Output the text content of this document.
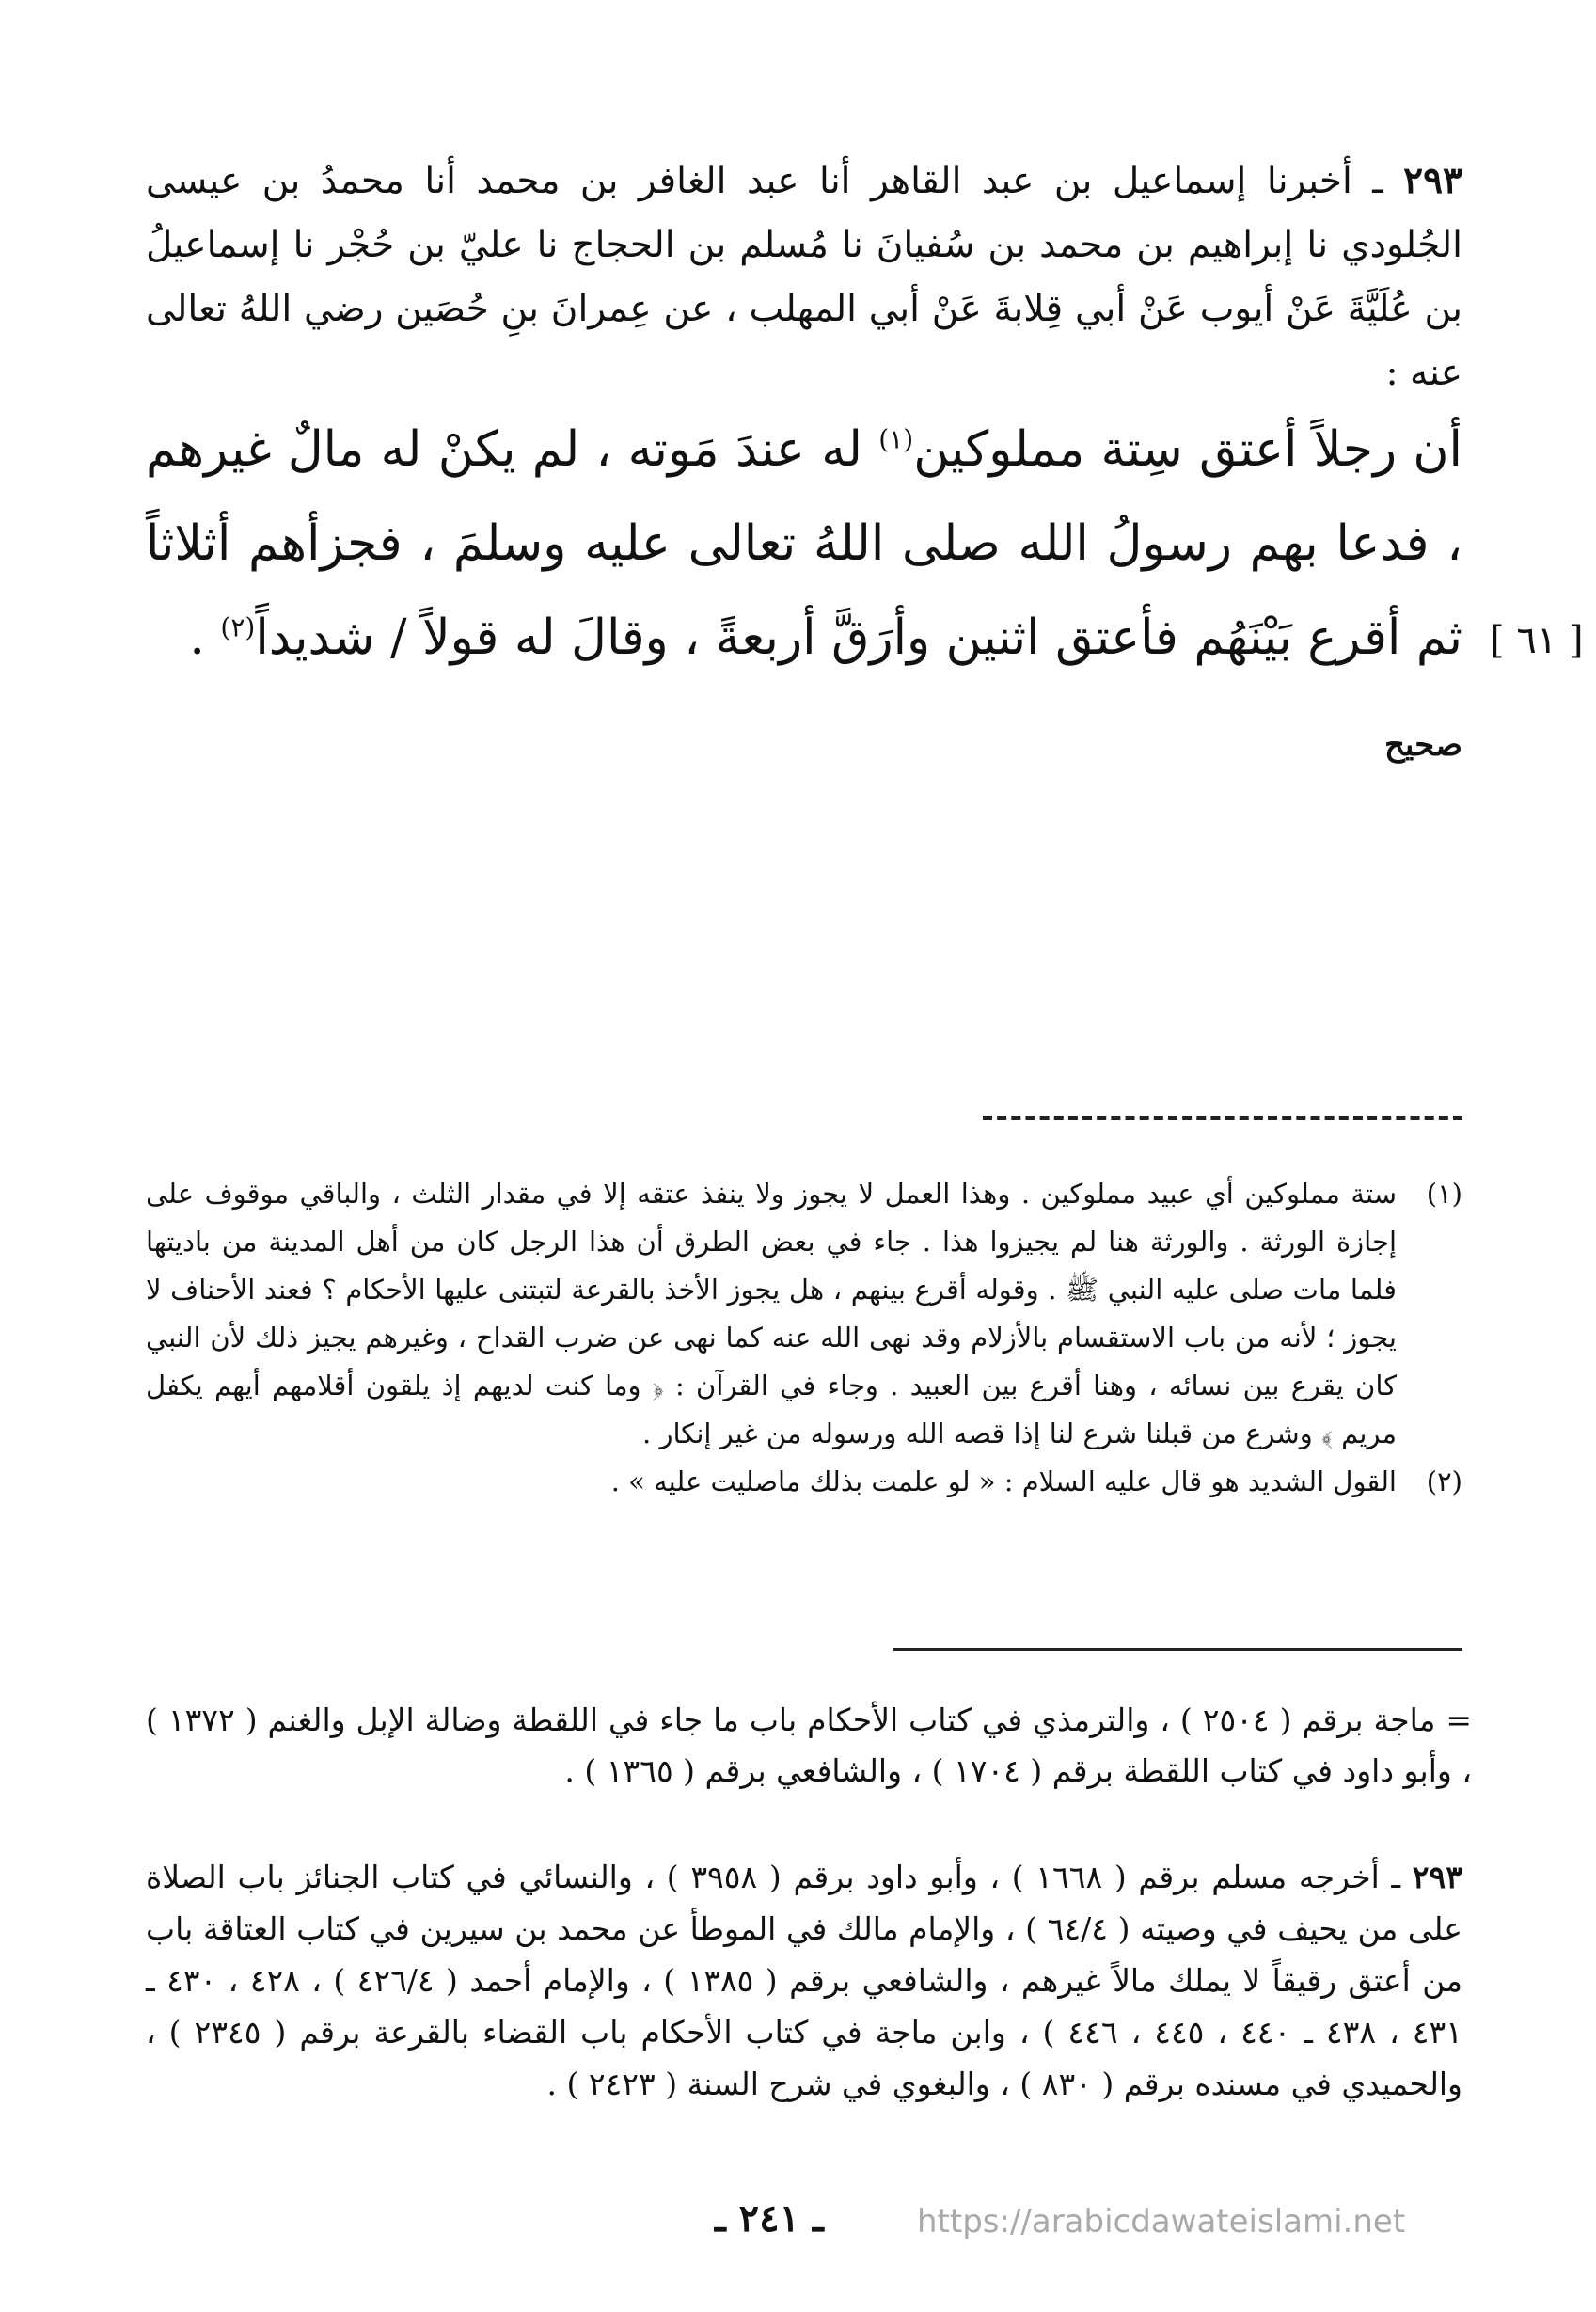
٢٩٣ ـ أخبرنا إسماعيل بن عبد القاهر أنا عبد الغافر بن محمد أنا محمدُ بن عيسى الجُلودي نا إبراهيم بن محمد بن سُفيانَ نا مُسلم بن الحجاج نا عليّ بن حُجْر نا إسماعيلُ بن عُلَيَّةَ عَنْ أيوب عَنْ أبي قِلابةَ عَنْ أبي المهلب ، عن عِمرانَ بنِ حُصَين رضي اللهُ تعالى عنه :

أن رجلاً أعتق سِتة مملوكين$^{(١)}$ له عندَ مَوته ، لم يكنْ له مالٌ غيرهم ، فدعا بهم رسولُ الله صلى اللهُ تعالى عليه وسلمَ ، فجزأهم أثلاثاً ثم أقرع بَيْنَهُم فأعتق اثنين وأرَقَّ أربعةً ، وقالَ له قولاً / شديداً$^{(٢)}$ .	[ ٦١ ]
صحيح
(١)
ستة مملوكين أي عبيد مملوكين . وهذا العمل لا يجوز ولا ينفذ عتقه إلا في مقدار الثلث ، والباقي موقوف على إجازة الورثة . والورثة هنا لم يجيزوا هذا . جاء في بعض الطرق أن هذا الرجل كان من أهل المدينة من باديتها فلما مات صلى عليه النبي ﷺ . وقوله أقرع بينهم ، هل يجوز الأخذ بالقرعة لتبتنى عليها الأحكام ؟ فعند الأحناف لا يجوز ؛ لأنه من باب الاستقسام بالأزلام وقد نهى الله عنه كما نهى عن ضرب القداح ، وغيرهم يجيز ذلك لأن النبي كان يقرع بين نسائه ، وهنا أقرع بين العبيد . وجاء في القرآن : ﴿ وما كنت لديهم إذ يلقون أقلامهم أيهم يكفل مريم ﴾ وشرع من قبلنا شرع لنا إذا قصه الله ورسوله من غير إنكار .
(٢)
القول الشديد هو قال عليه السلام : « لو علمت بذلك ماصليت عليه » .
= ماجة برقم ( ٢٥٠٤ ) ، والترمذي في كتاب الأحكام باب ما جاء في اللقطة وضالة الإبل والغنم ( ١٣٧٢ ) ، وأبو داود في كتاب اللقطة برقم ( ١٧٠٤ ) ، والشافعي برقم ( ١٣٦٥ ) .
٢٩٣ ـ أخرجه مسلم برقم ( ١٦٦٨ ) ، وأبو داود برقم ( ٣٩٥٨ ) ، والنسائي في كتاب الجنائز باب الصلاة على من يحيف في وصيته ( ٦٤/٤ ) ، والإمام مالك في الموطأ عن محمد بن سيرين في كتاب العتاقة باب من أعتق رقيقاً لا يملك مالاً غيرهم ، والشافعي برقم ( ١٣٨٥ ) ، والإمام أحمد ( ٤٢٦/٤ ) ، ٤٢٨ ، ٤٣٠ ـ ٤٣١ ، ٤٣٨ ـ ٤٤٠ ، ٤٤٥ ، ٤٤٦ ) ، وابن ماجة في كتاب الأحكام باب القضاء بالقرعة برقم ( ٢٣٤٥ ) ، والحميدي في مسنده برقم ( ٨٣٠ ) ، والبغوي في شرح السنة ( ٢٤٢٣ ) .
ـ ٢٤١ ـ	https://arabicdawateislami.net
